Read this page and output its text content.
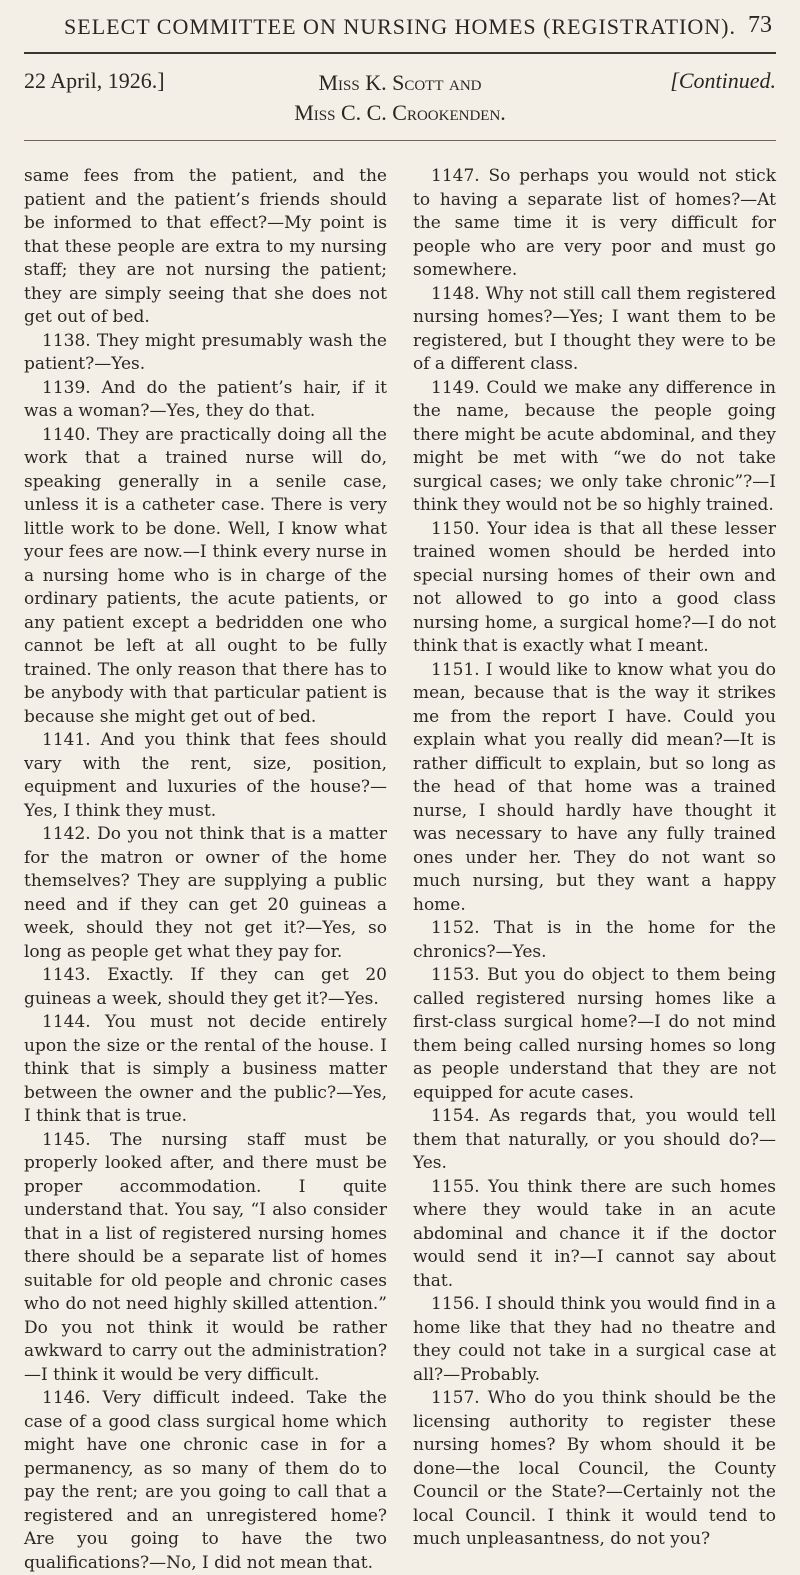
SELECT COMMITTEE ON NURSING HOMES (REGISTRATION). 73
22 April, 1926.]	Miss K. Scott and
Miss C. C. Crookenden.
[Continued.

same fees from the patient, and the patient and the patient’s friends should be informed to that effect?—My point is that these people are extra to my nursing staff; they are not nursing the patient; they are simply seeing that she does not get out of bed.

1138. They might presumably wash the patient?—Yes.

1139. And do the patient’s hair, if it was a woman?—Yes, they do that.

1140. They are practically doing all the work that a trained nurse will do, speaking generally in a senile case, unless it is a catheter case. There is very little work to be done. Well, I know what your fees are now.—I think every nurse in a nursing home who is in charge of the ordinary patients, the acute patients, or any patient except a bedridden one who cannot be left at all ought to be fully trained. The only reason that there has to be anybody with that particular patient is because she might get out of bed.

1141. And you think that fees should vary with the rent, size, position, equipment and luxuries of the house?—Yes, I think they must.

1142. Do you not think that is a matter for the matron or owner of the home themselves? They are supplying a public need and if they can get 20 guineas a week, should they not get it?—Yes, so long as people get what they pay for.

1143. Exactly. If they can get 20 guineas a week, should they get it?—Yes.

1144. You must not decide entirely upon the size or the rental of the house. I think that is simply a business matter between the owner and the public?—Yes, I think that is true.

1145. The nursing staff must be properly looked after, and there must be proper accommodation. I quite understand that. You say, “I also consider that in a list of registered nursing homes there should be a separate list of homes suitable for old people and chronic cases who do not need highly skilled attention.” Do you not think it would be rather awkward to carry out the administration?—I think it would be very difficult.

1146. Very difficult indeed. Take the case of a good class surgical home which might have one chronic case in for a permanency, as so many of them do to pay the rent; are you going to call that a registered and an unregistered home? Are you going to have the two qualifications?—No, I did not mean that.

1147. So perhaps you would not stick to having a separate list of homes?—At the same time it is very difficult for people who are very poor and must go somewhere.

1148. Why not still call them registered nursing homes?—Yes; I want them to be registered, but I thought they were to be of a different class.

1149. Could we make any difference in the name, because the people going there might be acute abdominal, and they might be met with “we do not take surgical cases; we only take chronic”?—I think they would not be so highly trained.

1150. Your idea is that all these lesser trained women should be herded into special nursing homes of their own and not allowed to go into a good class nursing home, a surgical home?—I do not think that is exactly what I meant.

1151. I would like to know what you do mean, because that is the way it strikes me from the report I have. Could you explain what you really did mean?—It is rather difficult to explain, but so long as the head of that home was a trained nurse, I should hardly have thought it was necessary to have any fully trained ones under her. They do not want so much nursing, but they want a happy home.

1152. That is in the home for the chronics?—Yes.

1153. But you do object to them being called registered nursing homes like a first-class surgical home?—I do not mind them being called nursing homes so long as people understand that they are not equipped for acute cases.

1154. As regards that, you would tell them that naturally, or you should do?—Yes.

1155. You think there are such homes where they would take in an acute abdominal and chance it if the doctor would send it in?—I cannot say about that.

1156. I should think you would find in a home like that they had no theatre and they could not take in a surgical case at all?—Probably.

1157. Who do you think should be the licensing authority to register these nursing homes? By whom should it be done—the local Council, the County Council or the State?—Certainly not the local Council. I think it would tend to much unpleasantness, do not you?
